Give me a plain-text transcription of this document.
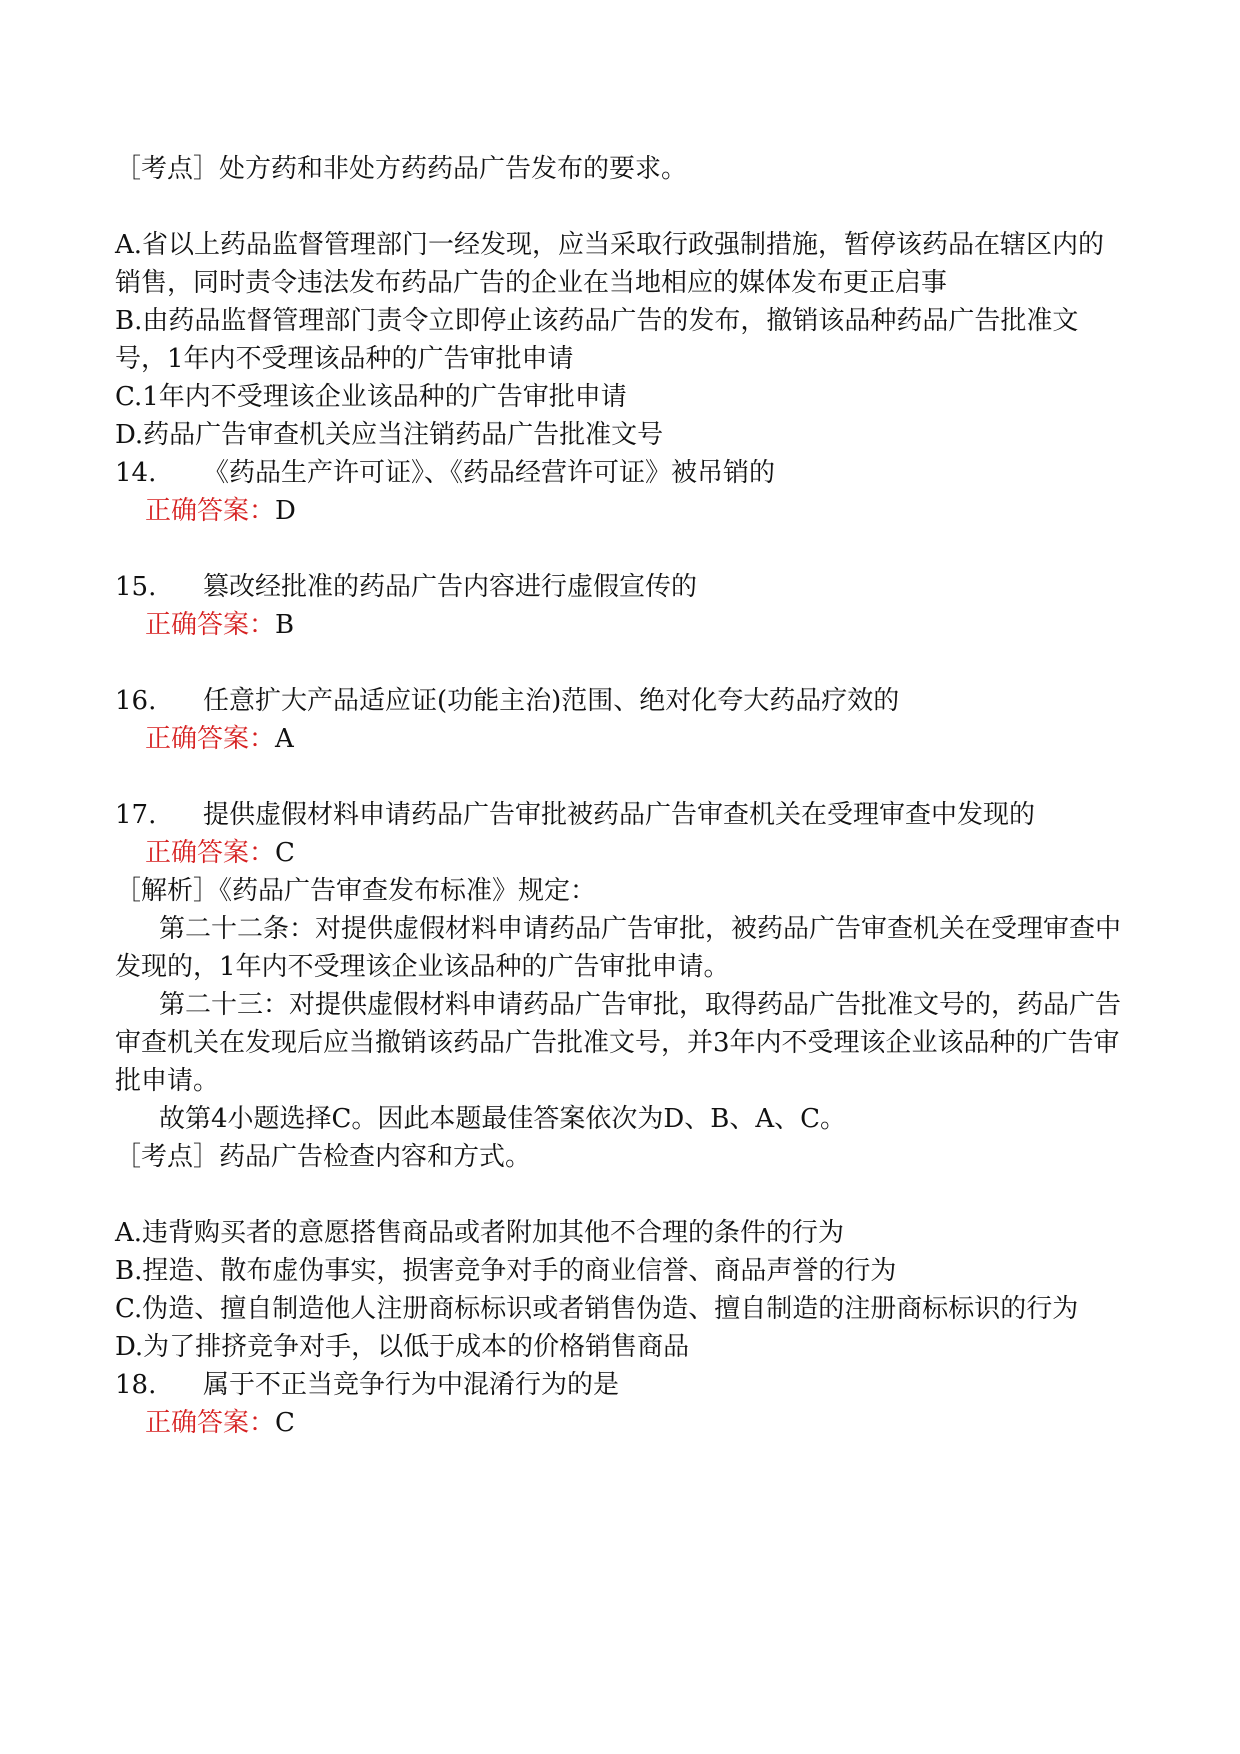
［考点］处方药和非处方药药品广告发布的要求。

A.省以上药品监督管理部门一经发现，应当采取行政强制措施，暂停该药品在辖区内的销售，同时责令违法发布药品广告的企业在当地相应的媒体发布更正启事

B.由药品监督管理部门责令立即停止该药品广告的发布，撤销该品种药品广告批准文号，1年内不受理该品种的广告审批申请

C.1年内不受理该企业该品种的广告审批申请

D.药品广告审查机关应当注销药品广告批准文号

14.	《药品生产许可证》、《药品经营许可证》被吊销的

正确答案：D

15.	篡改经批准的药品广告内容进行虚假宣传的

正确答案：B

16.	任意扩大产品适应证(功能主治)范围、绝对化夸大药品疗效的

正确答案：A

17. 提供虚假材料申请药品广告审批被药品广告审查机关在受理审查中发现的

正确答案：C

［解析］《药品广告审查发布标准》规定：

第二十二条：对提供虚假材料申请药品广告审批，被药品广告审查机关在受理审查中发现的，1年内不受理该企业该品种的广告审批申请。

第二十三：对提供虚假材料申请药品广告审批，取得药品广告批准文号的，药品广告审查机关在发现后应当撤销该药品广告批准文号，并3年内不受理该企业该品种的广告审批申请。

故第4小题选择C。因此本题最佳答案依次为D、B、A、C。

［考点］药品广告检查内容和方式。

A.违背购买者的意愿搭售商品或者附加其他不合理的条件的行为

B.捏造、散布虚伪事实，损害竞争对手的商业信誉、商品声誉的行为

C.伪造、擅自制造他人注册商标标识或者销售伪造、擅自制造的注册商标标识的行为

D.为了排挤竞争对手，以低于成本的价格销售商品

18.	属于不正当竞争行为中混淆行为的是

正确答案：C
